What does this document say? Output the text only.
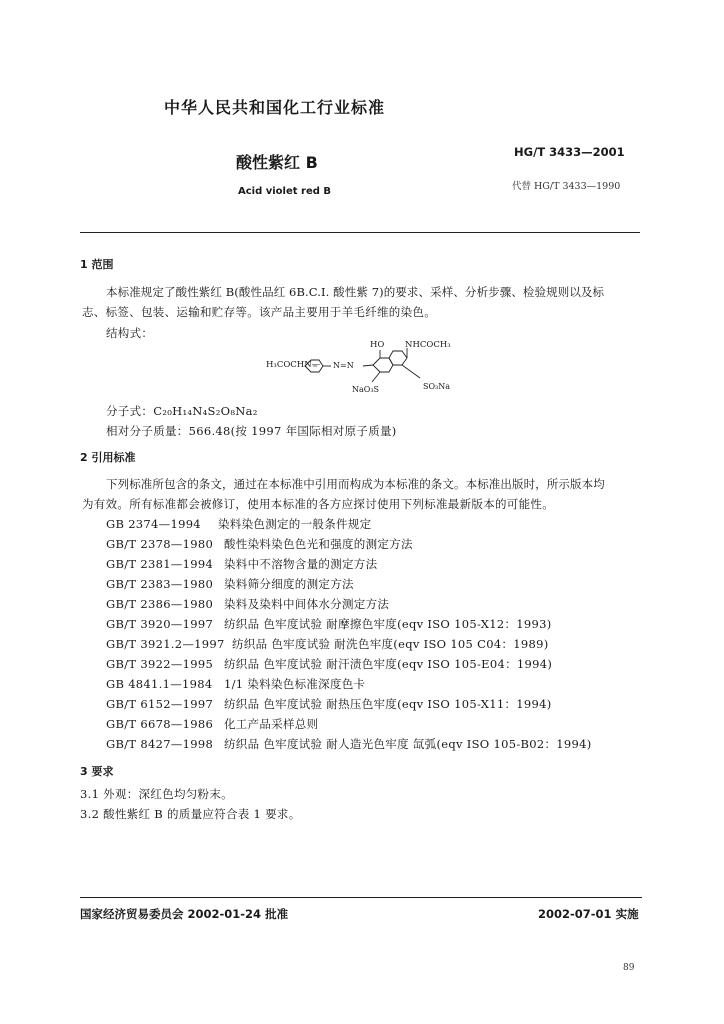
中华人民共和国化工行业标准
酸性紫红 B
HG/T 3433—2001
Acid violet red B	代替 HG/T 3433—1990
1 范围
本标准规定了酸性紫红 B(酸性品红 6B.C.I. 酸性紫 7)的要求、采样、分析步骤、检验规则以及标
志、标签、包装、运输和贮存等。该产品主要用于羊毛纤维的染色。
结构式：
HO NHCOCH₃
H₃COCHN— N=N
NaO₃S	SO₃Na
分子式：C₂₀H₁₄N₄S₂O₈Na₂
相对分子质量：566.48(按 1997 年国际相对原子质量)
2 引用标准
下列标准所包含的条文，通过在本标准中引用而构成为本标准的条文。本标准出版时，所示版本均
为有效。所有标准都会被修订，使用本标准的各方应探讨使用下列标准最新版本的可能性。
GB 2374—1994 染料染色测定的一般条件规定
GB/T 2378—1980 酸性染料染色色光和强度的测定方法
GB/T 2381—1994 染料中不溶物含量的测定方法
GB/T 2383—1980 染料筛分细度的测定方法
GB/T 2386—1980 染料及染料中间体水分测定方法
GB/T 3920—1997 纺织品 色牢度试验 耐摩擦色牢度(eqv ISO 105-X12：1993)
GB/T 3921.2—1997 纺织品 色牢度试验 耐洗色牢度(eqv ISO 105 C04：1989)
GB/T 3922—1995 纺织品 色牢度试验 耐汗渍色牢度(eqv ISO 105-E04：1994)
GB 4841.1—1984 1/1 染料染色标准深度色卡
GB/T 6152—1997 纺织品 色牢度试验 耐热压色牢度(eqv ISO 105-X11：1994)
GB/T 6678—1986 化工产品采样总则
GB/T 8427—1998 纺织品 色牢度试验 耐人造光色牢度 氙弧(eqv ISO 105-B02：1994)
3 要求
3.1 外观：深红色均匀粉末。
3.2 酸性紫红 B 的质量应符合表 1 要求。
国家经济贸易委员会 2002-01-24 批准	2002-07-01 实施
89
